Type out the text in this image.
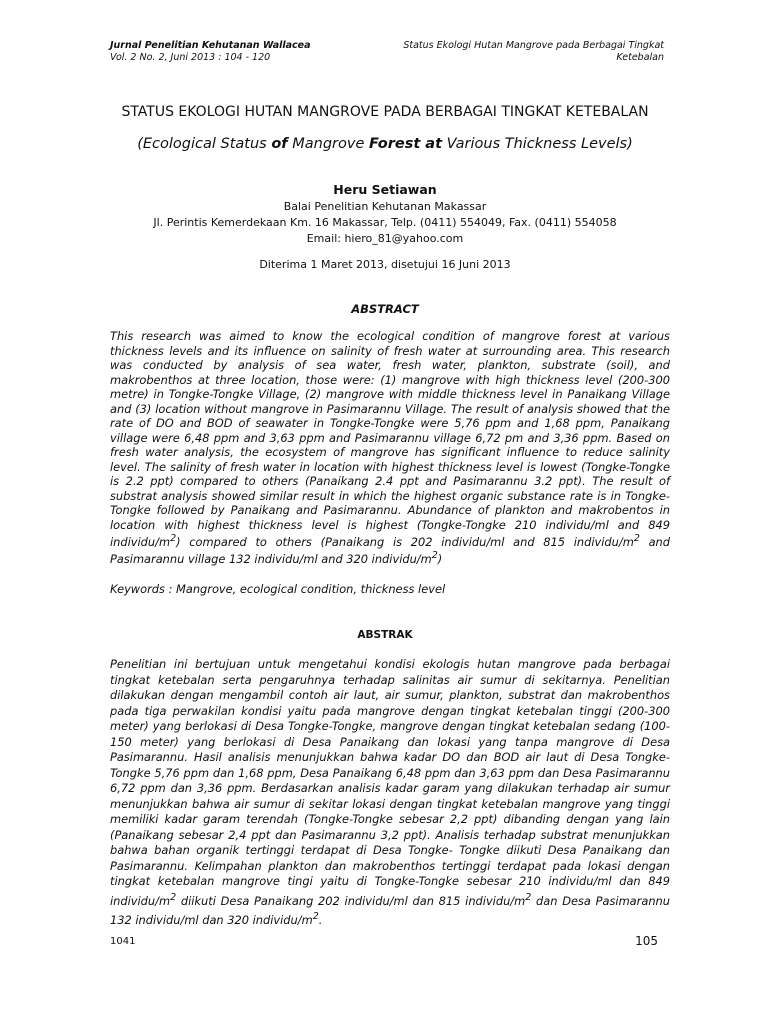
Jurnal Penelitian Kehutanan Wallacea
Vol. 2 No. 2, Juni 2013 : 104 - 120
Status Ekologi Hutan Mangrove pada Berbagai Tingkat Ketebalan
STATUS EKOLOGI HUTAN MANGROVE PADA BERBAGAI TINGKAT KETEBALAN
(Ecological Status of Mangrove Forest at Various Thickness Levels)
Heru Setiawan
Balai Penelitian Kehutanan Makassar
Jl. Perintis Kemerdekaan Km. 16 Makassar, Telp. (0411) 554049, Fax. (0411) 554058
Email: hiero_81@yahoo.com
Diterima 1 Maret 2013, disetujui 16 Juni 2013
ABSTRACT
This research was aimed to know the ecological condition of mangrove forest at various thickness levels and its influence on salinity of fresh water at surrounding area. This research was conducted by analysis of sea water, fresh water, plankton, substrate (soil), and makrobenthos at three location, those were: (1) mangrove with high thickness level (200-300 metre) in Tongke-Tongke Village, (2) mangrove with middle thickness level in Panaikang Village and (3) location without mangrove in Pasimarannu Village. The result of analysis showed that the rate of DO and BOD of seawater in Tongke-Tongke were 5,76 ppm and 1,68 ppm, Panaikang village were 6,48 ppm and 3,63 ppm and Pasimarannu village 6,72 pm and 3,36 ppm. Based on fresh water analysis, the ecosystem of mangrove has significant influence to reduce salinity level. The salinity of fresh water in location with highest thickness level is lowest (Tongke-Tongke is 2.2 ppt) compared to others (Panaikang 2.4 ppt and Pasimarannu 3.2 ppt). The result of substrat analysis showed similar result in which the highest organic substance rate is in Tongke-Tongke followed by Panaikang and Pasimarannu. Abundance of plankton and makrobentos in location with highest thickness level is highest (Tongke-Tongke 210 individu/ml and 849 individu/$m^2$) compared to others (Panaikang is 202 individu/ml and 815 individu/$m^2$ and Pasimarannu village 132 individu/ml and 320 individu/$m^2$)
Keywords : Mangrove, ecological condition, thickness level
ABSTRAK
Penelitian ini bertujuan untuk mengetahui kondisi ekologis hutan mangrove pada berbagai tingkat ketebalan serta pengaruhnya terhadap salinitas air sumur di sekitarnya. Penelitian dilakukan dengan mengambil contoh air laut, air sumur, plankton, substrat dan makrobenthos pada tiga perwakilan kondisi yaitu pada mangrove dengan tingkat ketebalan tinggi (200-300 meter) yang berlokasi di Desa Tongke-Tongke, mangrove dengan tingkat ketebalan sedang (100-150 meter) yang berlokasi di Desa Panaikang dan lokasi yang tanpa mangrove di Desa Pasimarannu. Hasil analisis menunjukkan bahwa kadar DO dan BOD air laut di Desa Tongke- Tongke 5,76 ppm dan 1,68 ppm, Desa Panaikang 6,48 ppm dan 3,63 ppm dan Desa Pasimarannu 6,72 ppm dan 3,36 ppm. Berdasarkan analisis kadar garam yang dilakukan terhadap air sumur menunjukkan bahwa air sumur di sekitar lokasi dengan tingkat ketebalan mangrove yang tinggi memiliki kadar garam terendah (Tongke-Tongke sebesar 2,2 ppt) dibanding dengan yang lain (Panaikang sebesar 2,4 ppt dan Pasimarannu 3,2 ppt). Analisis terhadap substrat menunjukkan bahwa bahan organik tertinggi terdapat di Desa Tongke- Tongke diikuti Desa Panaikang dan Pasimarannu. Kelimpahan plankton dan makrobenthos tertinggi terdapat pada lokasi dengan tingkat ketebalan mangrove tingi yaitu di Tongke-Tongke sebesar 210 individu/ml dan 849 individu/$m^2$ diikuti Desa Panaikang 202 individu/ml dan 815 individu/$m^2$ dan Desa Pasimarannu 132 individu/ml dan 320 individu/$m^2$.
1041	105
